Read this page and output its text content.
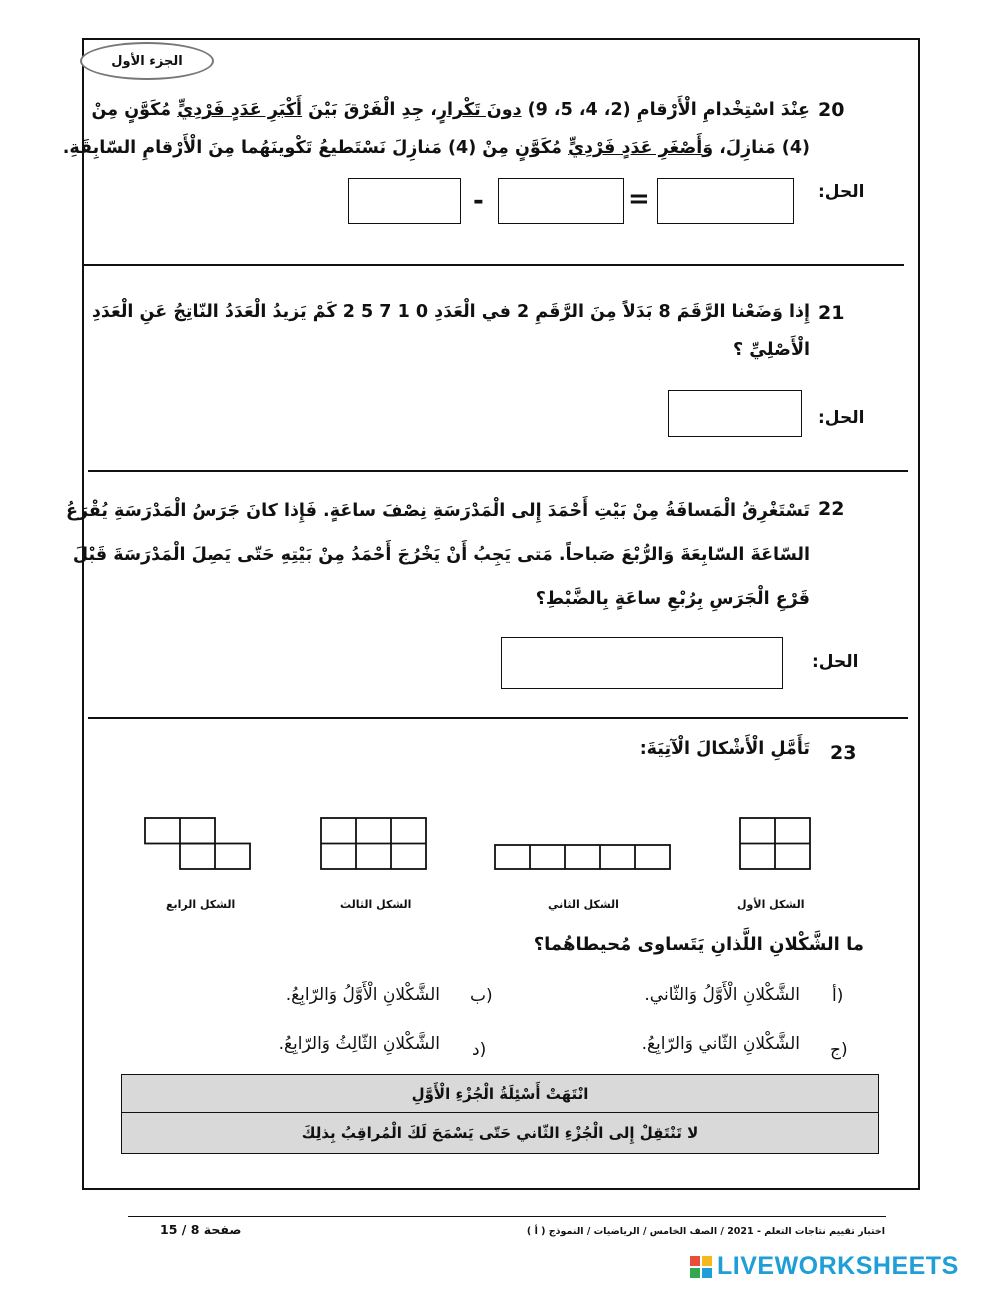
الجزء الأول
20
عِنْدَ اسْتِخْدامِ الْأَرْقامِ (2، 4، 5، 9) دونَ تَكْرارٍ، جِدِ الْفَرْقَ بَيْنَ أَكْبَرِ عَدَدٍ فَرْدِيٍّ مُكَوَّنٍ مِنْ
(4) مَنازِلَ، وَأَصْغَرِ عَدَدٍ فَرْدِيٍّ مُكَوَّنٍ مِنْ (4) مَنازِلَ نَسْتَطيعُ تَكْوينَهُما مِنَ الْأَرْقامِ السّابِقَةِ.
الحل:
=
-
21
إِذا وَضَعْنا الرَّقَمَ 8 بَدَلاً مِنَ الرَّقَمِ 2 في الْعَدَدِ 0 1 7 5 2 كَمْ يَزيدُ الْعَدَدُ النّاتِجُ عَنِ الْعَدَدِ
الْأَصْلِيِّ ؟
الحل:
22
تَسْتَغْرِقُ الْمَسافَةُ مِنْ بَيْتِ أَحْمَدَ إِلى الْمَدْرَسَةِ نِصْفَ ساعَةٍ. فَإِذا كانَ جَرَسُ الْمَدْرَسَةِ يُقْرَعُ
السّاعَةَ السّابِعَةَ وَالرُّبْعَ صَباحاً. مَتى يَجِبُ أَنْ يَخْرُجَ أَحْمَدُ مِنْ بَيْتِهِ حَتّى يَصِلَ الْمَدْرَسَةَ قَبْلَ
قَرْعِ الْجَرَسِ بِرُبْعِ ساعَةٍ بِالضَّبْطِ؟
الحل:
23
تَأَمَّلِ الْأَشْكالَ الْآتِيَةَ:
الشكل الأول
الشكل الثاني
الشكل الثالث
الشكل الرابع
ما الشَّكْلانِ اللَّذانِ يَتَساوى مُحيطاهُما؟
أ)
الشَّكْلانِ الْأَوَّلُ وَالثّاني.
ب)
الشَّكْلانِ الْأَوَّلُ وَالرّابِعُ.
ج)
الشَّكْلانِ الثّاني وَالرّابِعُ.
د)
الشَّكْلانِ الثّالِثُ وَالرّابِعُ.
انْتَهَتْ أَسْئِلَةُ الْجُزْءِ الْأَوَّلِ
لا تَنْتَقِلْ إِلى الْجُزْءِ الثّاني حَتّى يَسْمَحَ لَكَ الْمُراقِبُ بِذلِكَ
صفحة 8 / 15	اختبار تقييم نتاجات التعلم - 2021 / الصف الخامس / الرياضيات / النموذج ( أ )
LIVEWORKSHEETS
